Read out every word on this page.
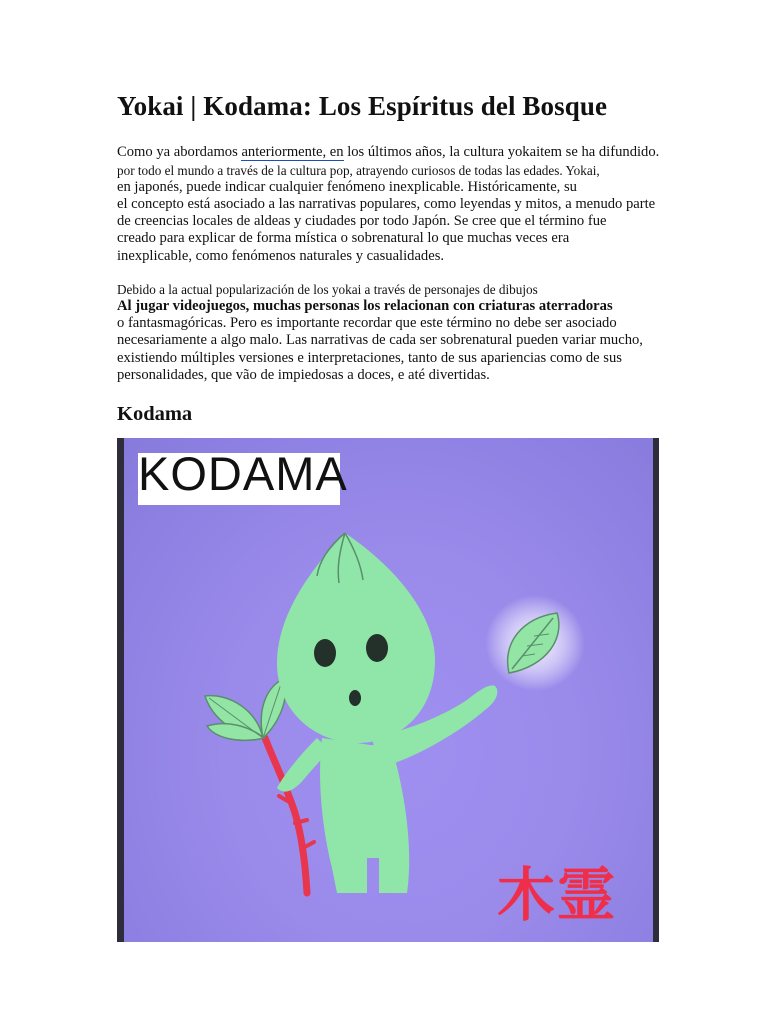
Yokai | Kodama: Los Espíritus del Bosque
Como ya abordamos anteriormente, en los últimos años, la cultura yokaitem se ha difundido.
por todo el mundo a través de la cultura pop, atrayendo curiosos de todas las edades. Yokai,
en japonés, puede indicar cualquier fenómeno inexplicable. Históricamente, su
el concepto está asociado a las narrativas populares, como leyendas y mitos, a menudo parte
de creencias locales de aldeas y ciudades por todo Japón. Se cree que el término fue
creado para explicar de forma mística o sobrenatural lo que muchas veces era
inexplicable, como fenómenos naturales y casualidades.
Debido a la actual popularización de los yokai a través de personajes de dibujos
Al jugar videojuegos, muchas personas los relacionan con criaturas aterradoras
o fantasmagóricas. Pero es importante recordar que este término no debe ser asociado
necesariamente a algo malo. Las narrativas de cada ser sobrenatural pueden variar mucho,
existiendo múltiples versiones e interpretaciones, tanto de sus apariencias como de sus
personalidades, que vão de impiedosas a doces, e até divertidas.
Kodama
KODAMA
木霊
